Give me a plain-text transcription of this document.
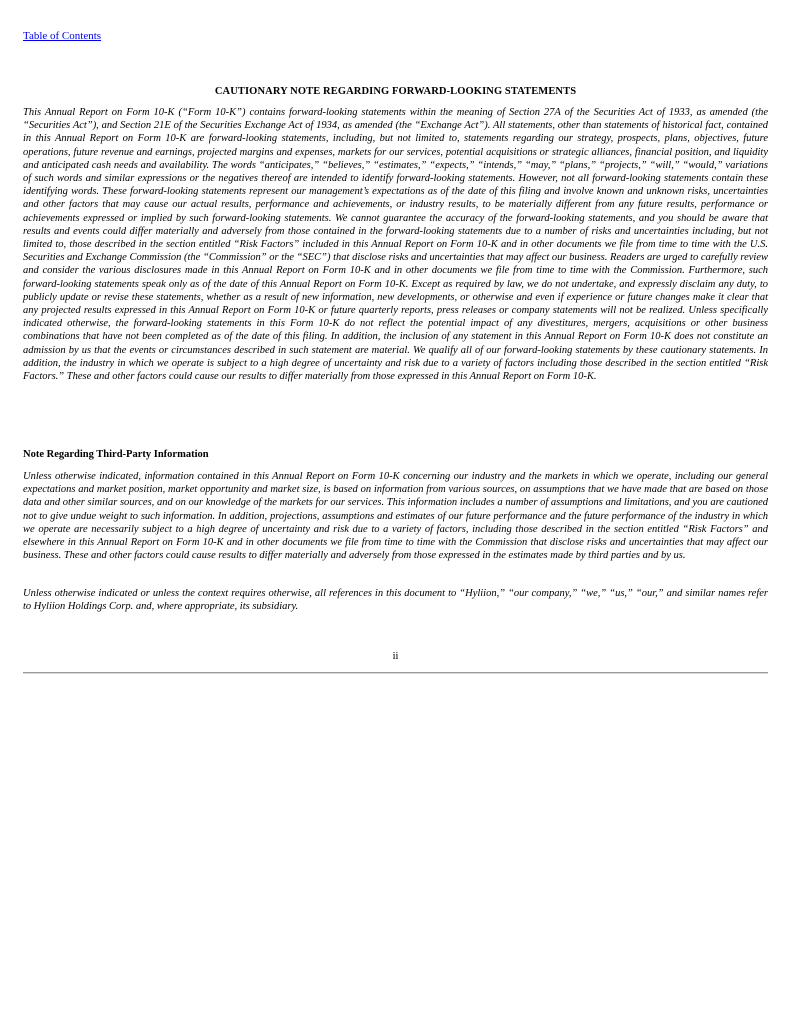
Table of Contents
CAUTIONARY NOTE REGARDING FORWARD-LOOKING STATEMENTS

This Annual Report on Form 10-K (“Form 10-K”) contains forward-looking statements within the meaning of Section 27A of the Securities Act of 1933, as amended (the “Securities Act”), and Section 21E of the Securities Exchange Act of 1934, as amended (the “Exchange Act”). All statements, other than statements of historical fact, contained in this Annual Report on Form 10-K are forward-looking statements, including, but not limited to, statements regarding our strategy, prospects, plans, objectives, future operations, future revenue and earnings, projected margins and expenses, markets for our services, potential acquisitions or strategic alliances, financial position, and liquidity and anticipated cash needs and availability. The words “anticipates,” “believes,” “estimates,” “expects,” “intends,” “may,” “plans,” “projects,” “will,” “would,” variations of such words and similar expressions or the negatives thereof are intended to identify forward-looking statements. However, not all forward-looking statements contain these identifying words. These forward-looking statements represent our management’s expectations as of the date of this filing and involve known and unknown risks, uncertainties and other factors that may cause our actual results, performance and achievements, or industry results, to be materially different from any future results, performance or achievements expressed or implied by such forward-looking statements. We cannot guarantee the accuracy of the forward-looking statements, and you should be aware that results and events could differ materially and adversely from those contained in the forward-looking statements due to a number of risks and uncertainties including, but not limited to, those described in the section entitled “Risk Factors” included in this Annual Report on Form 10-K and in other documents we file from time to time with the U.S. Securities and Exchange Commission (the “Commission” or the “SEC”) that disclose risks and uncertainties that may affect our business. Readers are urged to carefully review and consider the various disclosures made in this Annual Report on Form 10-K and in other documents we file from time to time with the Commission. Furthermore, such forward-looking statements speak only as of the date of this Annual Report on Form 10-K. Except as required by law, we do not undertake, and expressly disclaim any duty, to publicly update or revise these statements, whether as a result of new information, new developments, or otherwise and even if experience or future changes make it clear that any projected results expressed in this Annual Report on Form 10-K or future quarterly reports, press releases or company statements will not be realized. Unless specifically indicated otherwise, the forward-looking statements in this Form 10-K do not reflect the potential impact of any divestitures, mergers, acquisitions or other business combinations that have not been completed as of the date of this filing. In addition, the inclusion of any statement in this Annual Report on Form 10-K does not constitute an admission by us that the events or circumstances described in such statement are material. We qualify all of our forward-looking statements by these cautionary statements. In addition, the industry in which we operate is subject to a high degree of uncertainty and risk due to a variety of factors including those described in the section entitled “Risk Factors.” These and other factors could cause our results to differ materially from those expressed in this Annual Report on Form 10-K.

Note Regarding Third-Party Information

Unless otherwise indicated, information contained in this Annual Report on Form 10-K concerning our industry and the markets in which we operate, including our general expectations and market position, market opportunity and market size, is based on information from various sources, on assumptions that we have made that are based on those data and other similar sources, and on our knowledge of the markets for our services. This information includes a number of assumptions and limitations, and you are cautioned not to give undue weight to such information. In addition, projections, assumptions and estimates of our future performance and the future performance of the industry in which we operate are necessarily subject to a high degree of uncertainty and risk due to a variety of factors, including those described in the section entitled “Risk Factors” and elsewhere in this Annual Report on Form 10-K and in other documents we file from time to time with the Commission that disclose risks and uncertainties that may affect our business. These and other factors could cause results to differ materially and adversely from those expressed in the estimates made by third parties and by us.

Unless otherwise indicated or unless the context requires otherwise, all references in this document to “Hyliion,” “our company,” “we,” “us,” “our,” and similar names refer to Hyliion Holdings Corp. and, where appropriate, its subsidiary.

ii
